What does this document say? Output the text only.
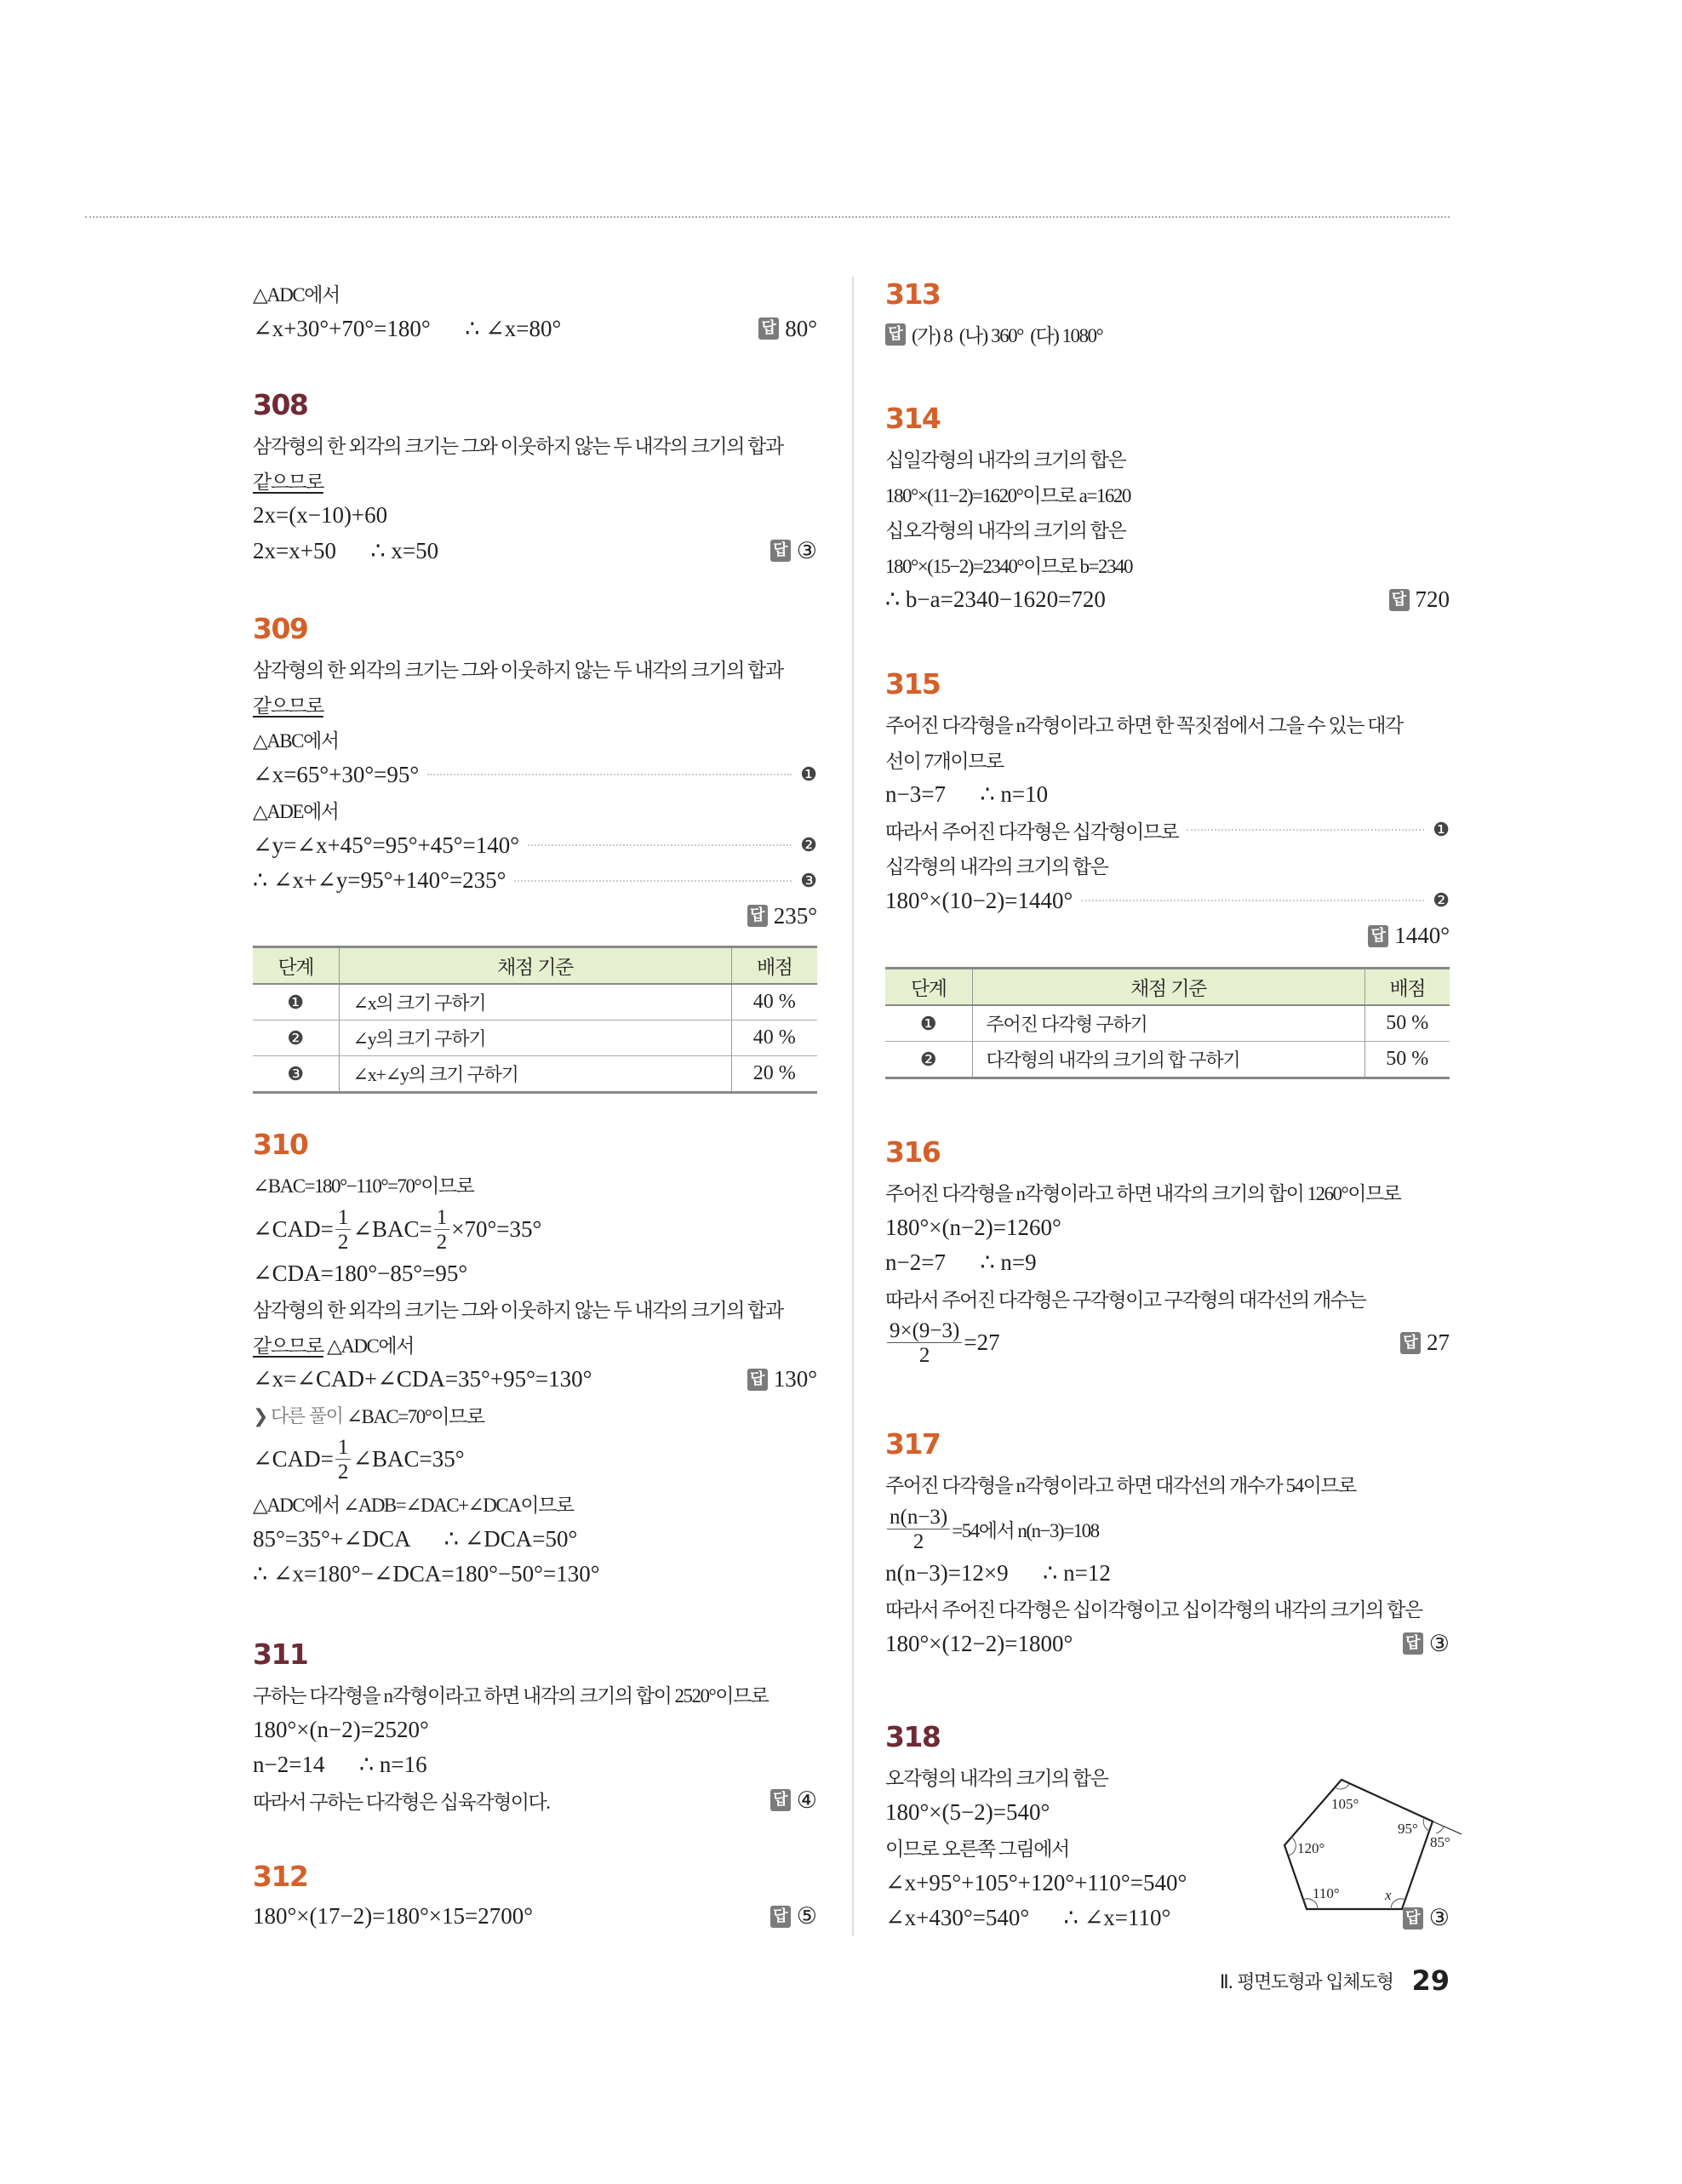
△ADC에서
∠x+30°+70°=180°      ∴ ∠x=80°	답 80°
308
삼각형의 한 외각의 크기는 그와 이웃하지 않는 두 내각의 크기의 합과
같으므로
2x=(x−10)+60
2x=x+50      ∴ x=50	답 ③
309
삼각형의 한 외각의 크기는 그와 이웃하지 않는 두 내각의 크기의 합과
같으므로
△ABC에서
∠x=65°+30°=95°	❶
△ADE에서
∠y=∠x+45°=95°+45°=140°	❷
∴ ∠x+∠y=95°+140°=235°	❸
답 235°
단계	채점 기준	배점
❶	∠x의 크기 구하기	40 %
❷	∠y의 크기 구하기	40 %
❸	∠x+∠y의 크기 구하기	20 %
310
∠BAC=180°−110°=70°이므로
∠CAD= $\frac{1}{2}$ ∠BAC= $\frac{1}{2} \times 70^\circ=35^\circ$
∠CDA=180°−85°=95°
삼각형의 한 외각의 크기는 그와 이웃하지 않는 두 내각의 크기의 합과
같으므로 △ADC에서
∠x=∠CAD+∠CDA=35°+95°=130°	답 130°
❯ 다른 풀이 ∠BAC=70°이므로
∠CAD= $\frac{1}{2}$ ∠BAC=35°
△ADC에서 ∠ADB=∠DAC+∠DCA이므로
85°=35°+∠DCA      ∴ ∠DCA=50°
∴ ∠x=180°−∠DCA=180°−50°=130°
311
구하는 다각형을 n각형이라고 하면 내각의 크기의 합이 2520°이므로
180°×(n−2)=2520°
n−2=14      ∴ n=16
따라서 구하는 다각형은 십육각형이다.	답 ④
312
180°×(17−2)=180°×15=2700°	답 ⑤
313
답 (가) 8  (나) 360°  (다) 1080°
314
십일각형의 내각의 크기의 합은
180°×(11−2)=1620°이므로 a=1620
십오각형의 내각의 크기의 합은
180°×(15−2)=2340°이므로 b=2340
∴ b−a=2340−1620=720	답 720
315
주어진 다각형을 n각형이라고 하면 한 꼭짓점에서 그을 수 있는 대각
선이 7개이므로
n−3=7      ∴ n=10
따라서 주어진 다각형은 십각형이므로	❶
십각형의 내각의 크기의 합은
180°×(10−2)=1440°	❷
답 1440°
단계	채점 기준	배점
❶	주어진 다각형 구하기	50 %
❷	다각형의 내각의 크기의 합 구하기	50 %
316
주어진 다각형을 n각형이라고 하면 내각의 크기의 합이 1260°이므로
180°×(n−2)=1260°
n−2=7      ∴ n=9
따라서 주어진 다각형은 구각형이고 구각형의 대각선의 개수는
$\frac{9\times(9-3)}{2} =27$	답 27
317
주어진 다각형을 n각형이라고 하면 대각선의 개수가 54이므로
$\frac{n(n-3)}{2} =54$에서 n(n−3)=108
n(n−3)=12×9      ∴ n=12
따라서 주어진 다각형은 십이각형이고 십이각형의 내각의 크기의 합은
180°×(12−2)=1800°	답 ③
318
오각형의 내각의 크기의 합은
180°×(5−2)=540°
이므로 오른쪽 그림에서
∠x+95°+105°+120°+110°=540°
∠x+430°=540°      ∴ ∠x=110°	답 ③
105°
95°
85°
120°
110°	x
Ⅱ. 평면도형과 입체도형 29
